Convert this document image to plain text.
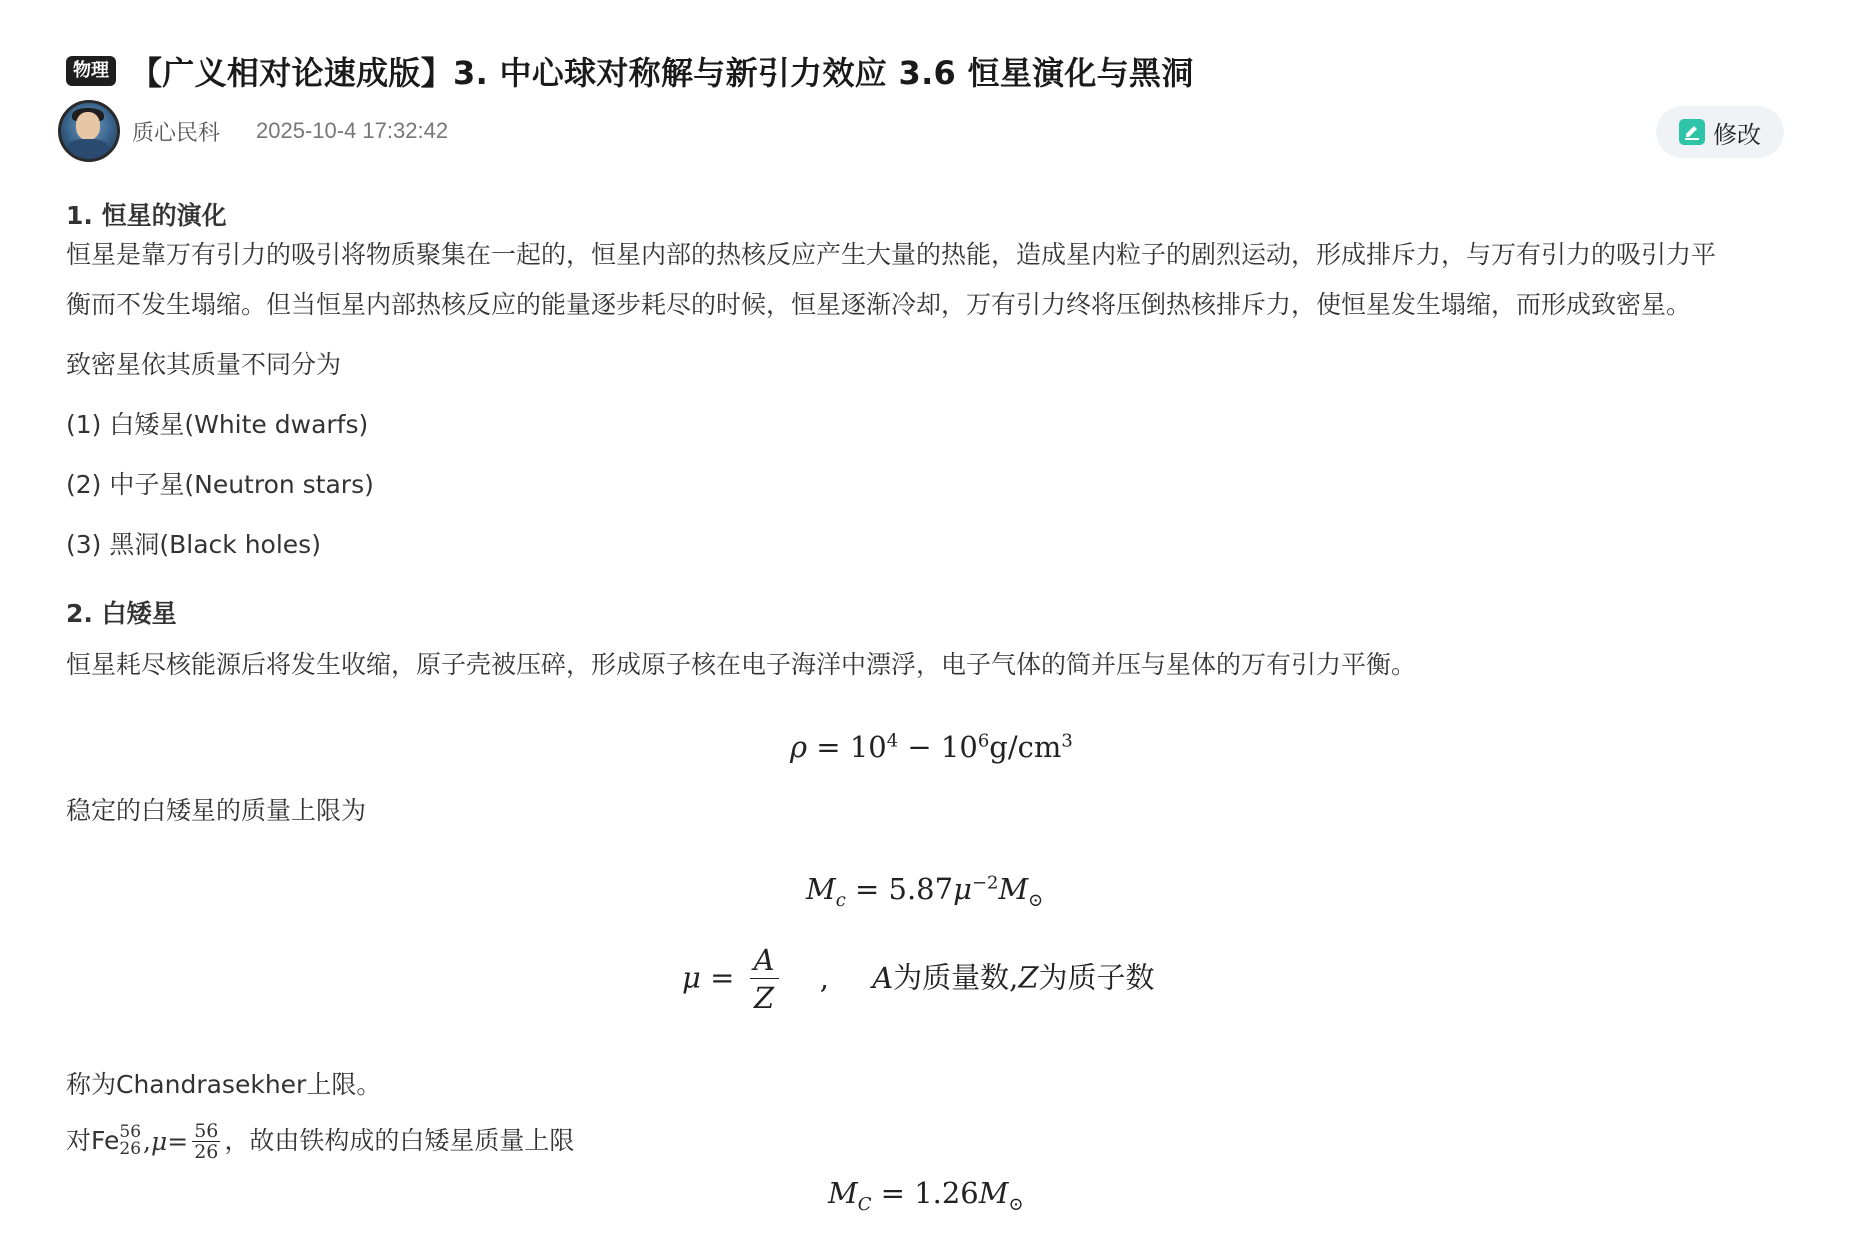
物理 【广义相对论速成版】3. 中心球对称解与新引力效应 3.6 恒星演化与黑洞
质心民科 2025-10-4 17:32:42	修改

1. 恒星的演化

恒星是靠万有引力的吸引将物质聚集在一起的，恒星内部的热核反应产生大量的热能，造成星内粒子的剧烈运动，形成排斥力，与万有引力的吸引力平

衡而不发生塌缩。但当恒星内部热核反应的能量逐步耗尽的时候，恒星逐渐冷却，万有引力终将压倒热核排斥力，使恒星发生塌缩，而形成致密星。

致密星依其质量不同分为

(1) 白矮星(White dwarfs)

(2) 中子星(Neutron stars)

(3) 黑洞(Black holes)

2. 白矮星

恒星耗尽核能源后将发生收缩，原子壳被压碎，形成原子核在电子海洋中漂浮，电子气体的简并压与星体的万有引力平衡。

$\rho = 10^4 - 10^6g/cm^3$

稳定的白矮星的质量上限为

$M_c = 5.87\mu^{-2}M_⊙$
$\mu = \frac{A}{Z}$ , A为质量数,Z为质子数

称为Chandrasekher上限。

对Fe 56
26 , $\mu = \frac{56}{26}$ ，故由铁构成的白矮星质量上限
$M_C = 1.26M_⊙$
